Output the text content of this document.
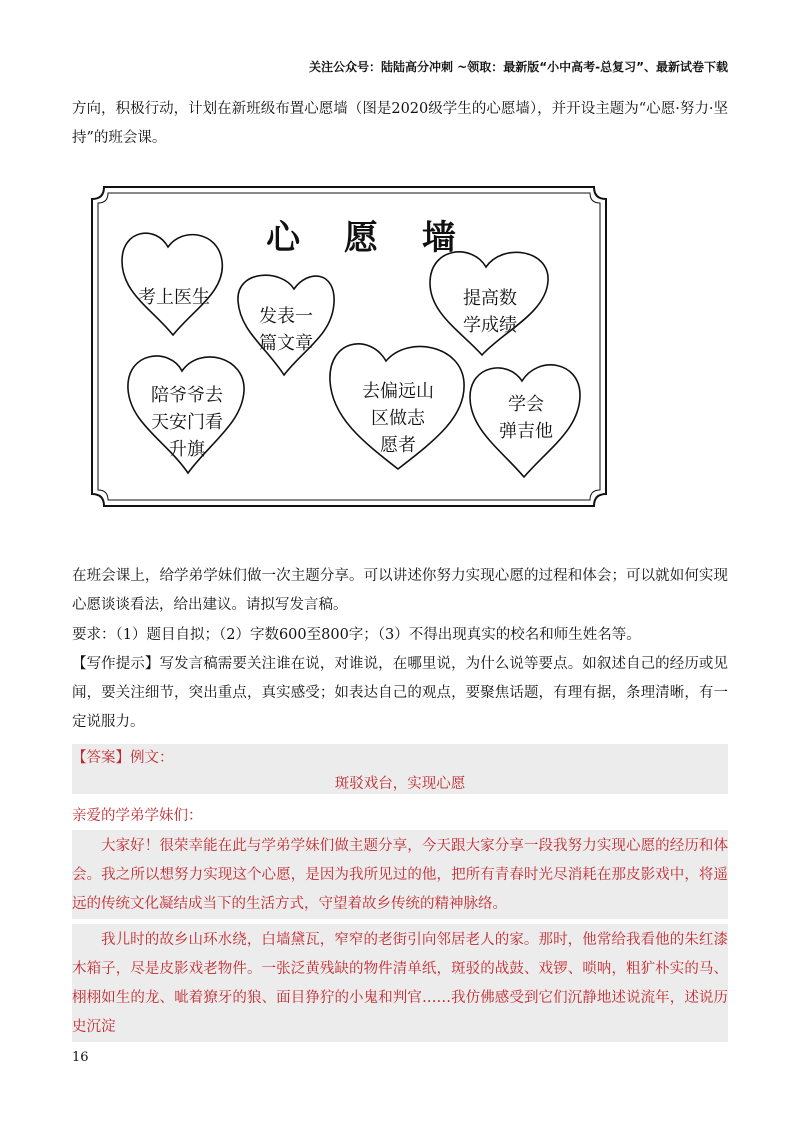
关注公众号：陆陆高分冲刺 ~领取：最新版“小中高考-总复习”、最新试卷下载
方向，积极行动，计划在新班级布置心愿墙（图是2020级学生的心愿墙），并开设主题为“心愿·努力·坚持”的班会课。
心 愿 墙
考上医生
发表一
篇文章
提高数
学成绩
陪爷爷去
天安门看
升旗
去偏远山
区做志
愿者
学会
弹吉他
在班会课上，给学弟学妹们做一次主题分享。可以讲述你努力实现心愿的过程和体会；可以就如何实现心愿谈谈看法，给出建议。请拟写发言稿。
要求：（1）题目自拟；（2）字数600至800字；（3）不得出现真实的校名和师生姓名等。
【写作提示】写发言稿需要关注谁在说，对谁说，在哪里说，为什么说等要点。如叙述自己的经历或见闻，要关注细节，突出重点，真实感受；如表达自己的观点，要聚焦话题，有理有据，条理清晰，有一定说服力。
【答案】例文：
斑驳戏台，实现心愿
亲爱的学弟学妹们：
大家好！很荣幸能在此与学弟学妹们做主题分享，今天跟大家分享一段我努力实现心愿的经历和体会。我之所以想努力实现这个心愿，是因为我所见过的他，把所有青春时光尽消耗在那皮影戏中，将遥远的传统文化凝结成当下的生活方式，守望着故乡传统的精神脉络。
我儿时的故乡山环水绕，白墙黛瓦，窄窄的老街引向邻居老人的家。那时，他常给我看他的朱红漆木箱子，尽是皮影戏老物件。一张泛黄残缺的物件清单纸，斑驳的战鼓、戏锣、唢呐，粗犷朴实的马、栩栩如生的龙、呲着獠牙的狼、面目狰狞的小鬼和判官……我仿佛感受到它们沉静地述说流年，述说历史沉淀
16
